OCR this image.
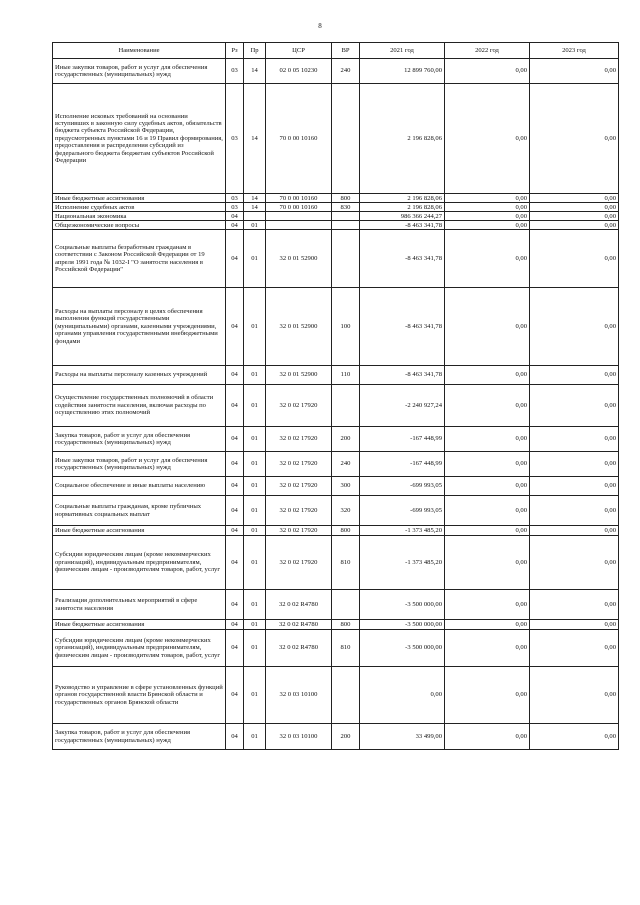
8
Наименование	Рз	Пр	ЦСР	ВР	2021 год	2022 год	2023 год
Иные закупки товаров, работ и услуг для обеспечения государственных (муниципальных) нужд	03	14	02 0 05 10230	240	12 899 760,00	0,00	0,00
Исполнение исковых требований на основании вступивших в законную силу судебных актов, обязательств бюджета субъекта Российской Федерации, предусмотренных пунктами 16 и 19 Правил формирования, предоставления и распределения субсидий из федерального бюджета бюджетам субъектов Российской Федерации	03	14	70 0 00 10160		2 196 828,06	0,00	0,00
Иные бюджетные ассигнования	03	14	70 0 00 10160	800	2 196 828,06	0,00	0,00
Исполнение судебных актов	03	14	70 0 00 10160	830	2 196 828,06	0,00	0,00
Национальная экономика	04				986 366 244,27	0,00	0,00
Общеэкономические вопросы	04	01			-8 463 341,78	0,00	0,00
Социальные выплаты безработным гражданам в соответствии с Законом Российской Федерации от 19 апреля 1991 года № 1032-I "О занятости населения в Российской Федерации"	04	01	32 0 01 52900		-8 463 341,78	0,00	0,00
Расходы на выплаты персоналу в целях обеспечения выполнения функций государственными (муниципальными) органами, казенными учреждениями, органами управления государственными внебюджетными фондами	04	01	32 0 01 52900	100	-8 463 341,78	0,00	0,00
Расходы на выплаты персоналу казенных учреждений	04	01	32 0 01 52900	110	-8 463 341,78	0,00	0,00
Осуществление государственных полномочий в области содействия занятости населения, включая расходы по осуществлению этих полномочий	04	01	32 0 02 17920		-2 240 927,24	0,00	0,00
Закупка товаров, работ и услуг для обеспечения государственных (муниципальных) нужд	04	01	32 0 02 17920	200	-167 448,99	0,00	0,00
Иные закупки товаров, работ и услуг для обеспечения государственных (муниципальных) нужд	04	01	32 0 02 17920	240	-167 448,99	0,00	0,00
Социальное обеспечение и иные выплаты населению	04	01	32 0 02 17920	300	-699 993,05	0,00	0,00
Социальные выплаты гражданам, кроме публичных нормативных социальных выплат	04	01	32 0 02 17920	320	-699 993,05	0,00	0,00
Иные бюджетные ассигнования	04	01	32 0 02 17920	800	-1 373 485,20	0,00	0,00
Субсидии юридическим лицам (кроме некоммерческих организаций), индивидуальным предпринимателям, физическим лицам - производителям товаров, работ, услуг	04	01	32 0 02 17920	810	-1 373 485,20	0,00	0,00
Реализация дополнительных мероприятий в сфере занятости населения	04	01	32 0 02 R4780		-3 500 000,00	0,00	0,00
Иные бюджетные ассигнования	04	01	32 0 02 R4780	800	-3 500 000,00	0,00	0,00
Субсидии юридическим лицам (кроме некоммерческих организаций), индивидуальным предпринимателям, физическим лицам - производителям товаров, работ, услуг	04	01	32 0 02 R4780	810	-3 500 000,00	0,00	0,00
Руководство и управление в сфере установленных функций органов государственной власти Брянской области и государственных органов Брянской области	04	01	32 0 03 10100		0,00	0,00	0,00
Закупка товаров, работ и услуг для обеспечения государственных (муниципальных) нужд	04	01	32 0 03 10100	200	33 499,00	0,00	0,00
